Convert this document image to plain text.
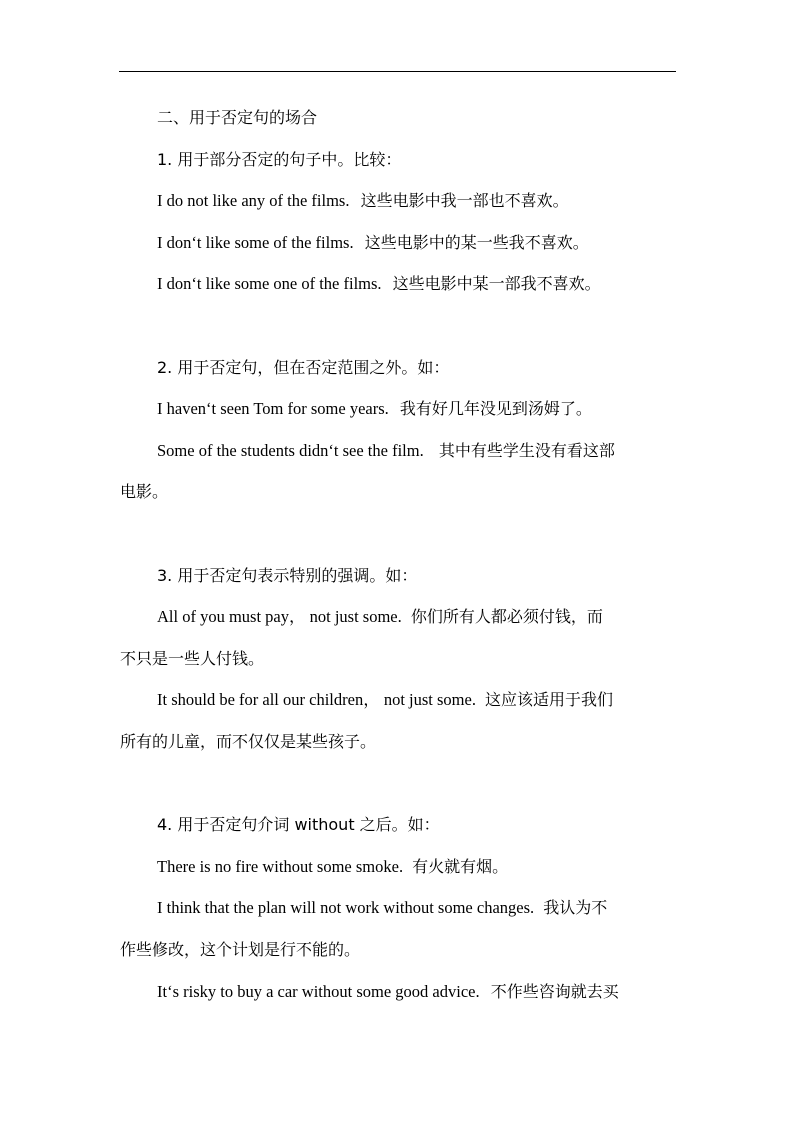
二、用于否定句的场合
1. 用于部分否定的句子中。比较：
I do not like any of the films. 这些电影中我一部也不喜欢。
I don‘t like some of the films. 这些电影中的某一些我不喜欢。
I don‘t like some one of the films. 这些电影中某一部我不喜欢。
2. 用于否定句，但在否定范围之外。如：
I haven‘t seen Tom for some years. 我有好几年没见到汤姆了。
Some of the students didn‘t see the film. 其中有些学生没有看这部
电影。
3. 用于否定句表示特别的强调。如：
All of you must pay， not just some. 你们所有人都必须付钱，而
不只是一些人付钱。
It should be for all our children， not just some. 这应该适用于我们
所有的儿童，而不仅仅是某些孩子。
4. 用于否定句介词 without 之后。如：
There is no fire without some smoke. 有火就有烟。
I think that the plan will not work without some changes. 我认为不
作些修改，这个计划是行不能的。
It‘s risky to buy a car without some good advice. 不作些咨询就去买
